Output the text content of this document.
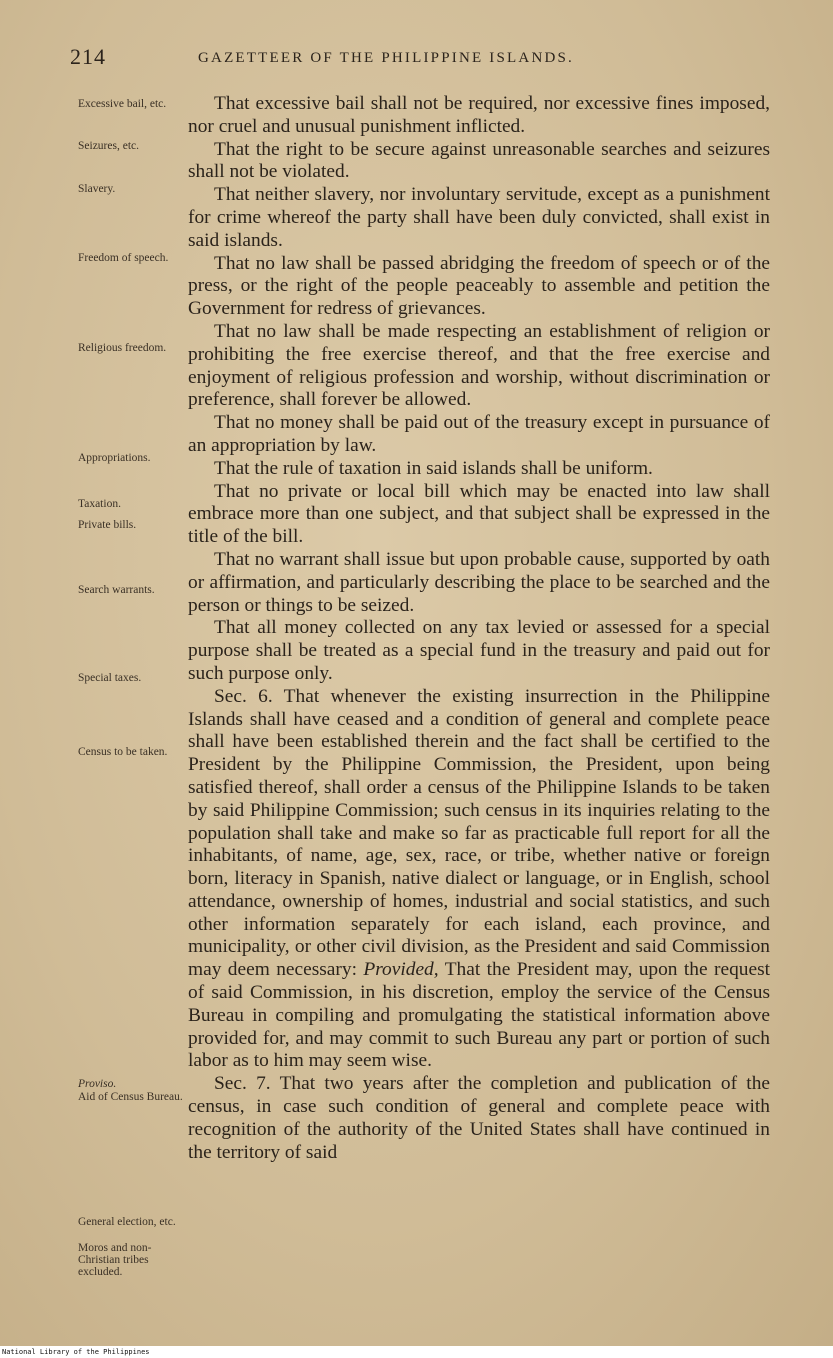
214	GAZETTEER OF THE PHILIPPINE ISLANDS.
Excessive bail, etc.
Seizures, etc.
Slavery.
Freedom of speech.
Religious freedom.
Appropriations.
Taxation.
Private bills.
Search warrants.
Special taxes.
Census to be taken.
Proviso.
Aid of Census Bureau.
General election, etc.
Moros and non-Christian tribes excluded.

That excessive bail shall not be required, nor excessive fines imposed, nor cruel and unusual punishment inflicted.

That the right to be secure against unreasonable searches and seizures shall not be violated.

That neither slavery, nor involuntary servitude, except as a punishment for crime whereof the party shall have been duly convicted, shall exist in said islands.

That no law shall be passed abridging the freedom of speech or of the press, or the right of the people peaceably to assemble and petition the Government for redress of grievances.

That no law shall be made respecting an establishment of religion or prohibiting the free exercise thereof, and that the free exercise and enjoyment of religious profession and worship, without discrimination or preference, shall forever be allowed.

That no money shall be paid out of the treasury except in pursuance of an appropriation by law.

That the rule of taxation in said islands shall be uniform.

That no private or local bill which may be enacted into law shall embrace more than one subject, and that subject shall be expressed in the title of the bill.

That no warrant shall issue but upon probable cause, supported by oath or affirmation, and particularly describing the place to be searched and the person or things to be seized.

That all money collected on any tax levied or assessed for a special purpose shall be treated as a special fund in the treasury and paid out for such purpose only.

Sec. 6. That whenever the existing insurrection in the Philippine Islands shall have ceased and a condition of general and complete peace shall have been established therein and the fact shall be certified to the President by the Philippine Commission, the President, upon being satisfied thereof, shall order a census of the Philippine Islands to be taken by said Philippine Commission; such census in its inquiries relating to the population shall take and make so far as practicable full report for all the inhabitants, of name, age, sex, race, or tribe, whether native or foreign born, literacy in Spanish, native dialect or language, or in English, school attendance, ownership of homes, industrial and social statistics, and such other information separately for each island, each province, and municipality, or other civil division, as the President and said Commission may deem necessary: Provided, That the President may, upon the request of said Commission, in his discretion, employ the service of the Census Bureau in compiling and promulgating the statistical information above provided for, and may commit to such Bureau any part or portion of such labor as to him may seem wise.

Sec. 7. That two years after the completion and publication of the census, in case such condition of general and complete peace with recognition of the authority of the United States shall have continued in the territory of said

National Library of the Philippines
